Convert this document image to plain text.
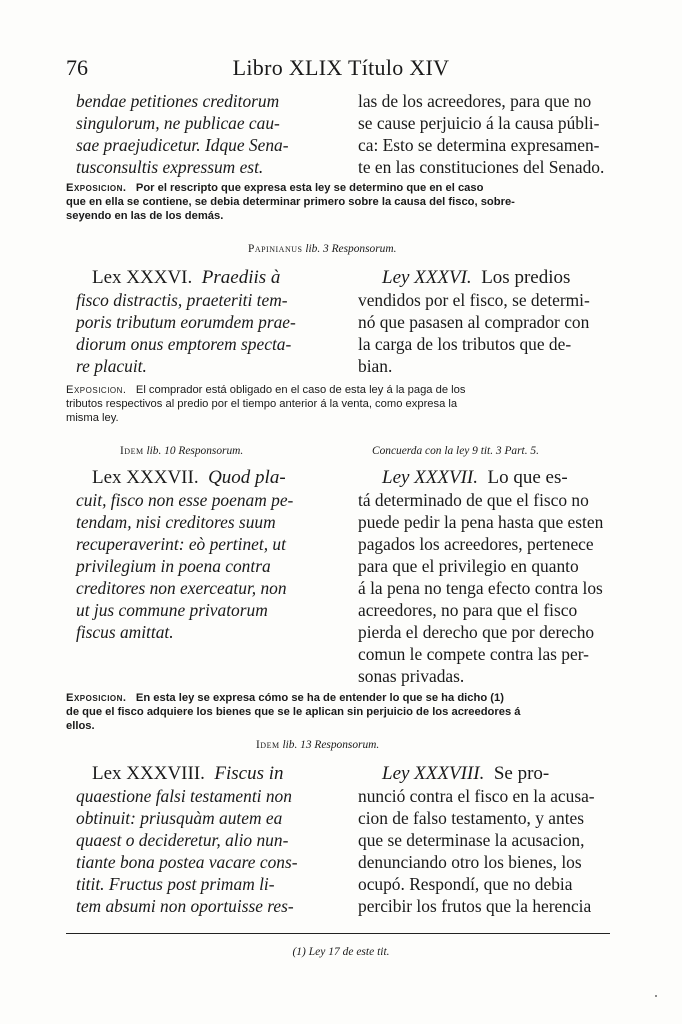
76	Libro XLIX Título XIV
bendae petitiones creditorum
singulorum, ne publicae cau-
sae praejudicetur. Idque Sena-
tusconsultis expressum est.
las de los acreedores, para que no
se cause perjuicio á la causa públi-
ca: Esto se determina expresamen-
te en las constituciones del Senado.
Exposicion. Por el rescripto que expresa esta ley se determino que en el caso
que en ella se contiene, se debia determinar primero sobre la causa del fisco, sobre-
seyendo en las de los demás.
Papinianus lib. 3 Responsorum.
Lex XXXVI. Praediis à
fisco distractis, praeteriti tem-
poris tributum eorumdem prae-
diorum onus emptorem specta-
re placuit.
Ley XXXVI. Los predios
vendidos por el fisco, se determi-
nó que pasasen al comprador con
la carga de los tributos que de-
bian.
Exposicion. El comprador está obligado en el caso de esta ley á la paga de los
tributos respectivos al predio por el tiempo anterior á la venta, como expresa la
misma ley.
Idem lib. 10 Responsorum.	Concuerda con la ley 9 tit. 3 Part. 5.
Lex XXXVII. Quod pla-
cuit, fisco non esse poenam pe-
tendam, nisi creditores suum
recuperaverint: eò pertinet, ut
privilegium in poena contra
creditores non exerceatur, non
ut jus commune privatorum
fiscus amittat.
Ley XXXVII. Lo que es-
tá determinado de que el fisco no
puede pedir la pena hasta que esten
pagados los acreedores, pertenece
para que el privilegio en quanto
á la pena no tenga efecto contra los
acreedores, no para que el fisco
pierda el derecho que por derecho
comun le compete contra las per-
sonas privadas.
Exposicion. En esta ley se expresa cómo se ha de entender lo que se ha dicho (1)
de que el fisco adquiere los bienes que se le aplican sin perjuicio de los acreedores á
ellos.
Idem lib. 13 Responsorum.
Lex XXXVIII. Fiscus in
quaestione falsi testamenti non
obtinuit: priusquàm autem ea
quaest o decideretur, alio nun-
tiante bona postea vacare cons-
titit. Fructus post primam li-
tem absumi non oportuisse res-
Ley XXXVIII. Se pro-
nunció contra el fisco en la acusa-
cion de falso testamento, y antes
que se determinase la acusacion,
denunciando otro los bienes, los
ocupó. Respondí, que no debia
percibir los frutos que la herencia
(1) Ley 17 de este tit.
